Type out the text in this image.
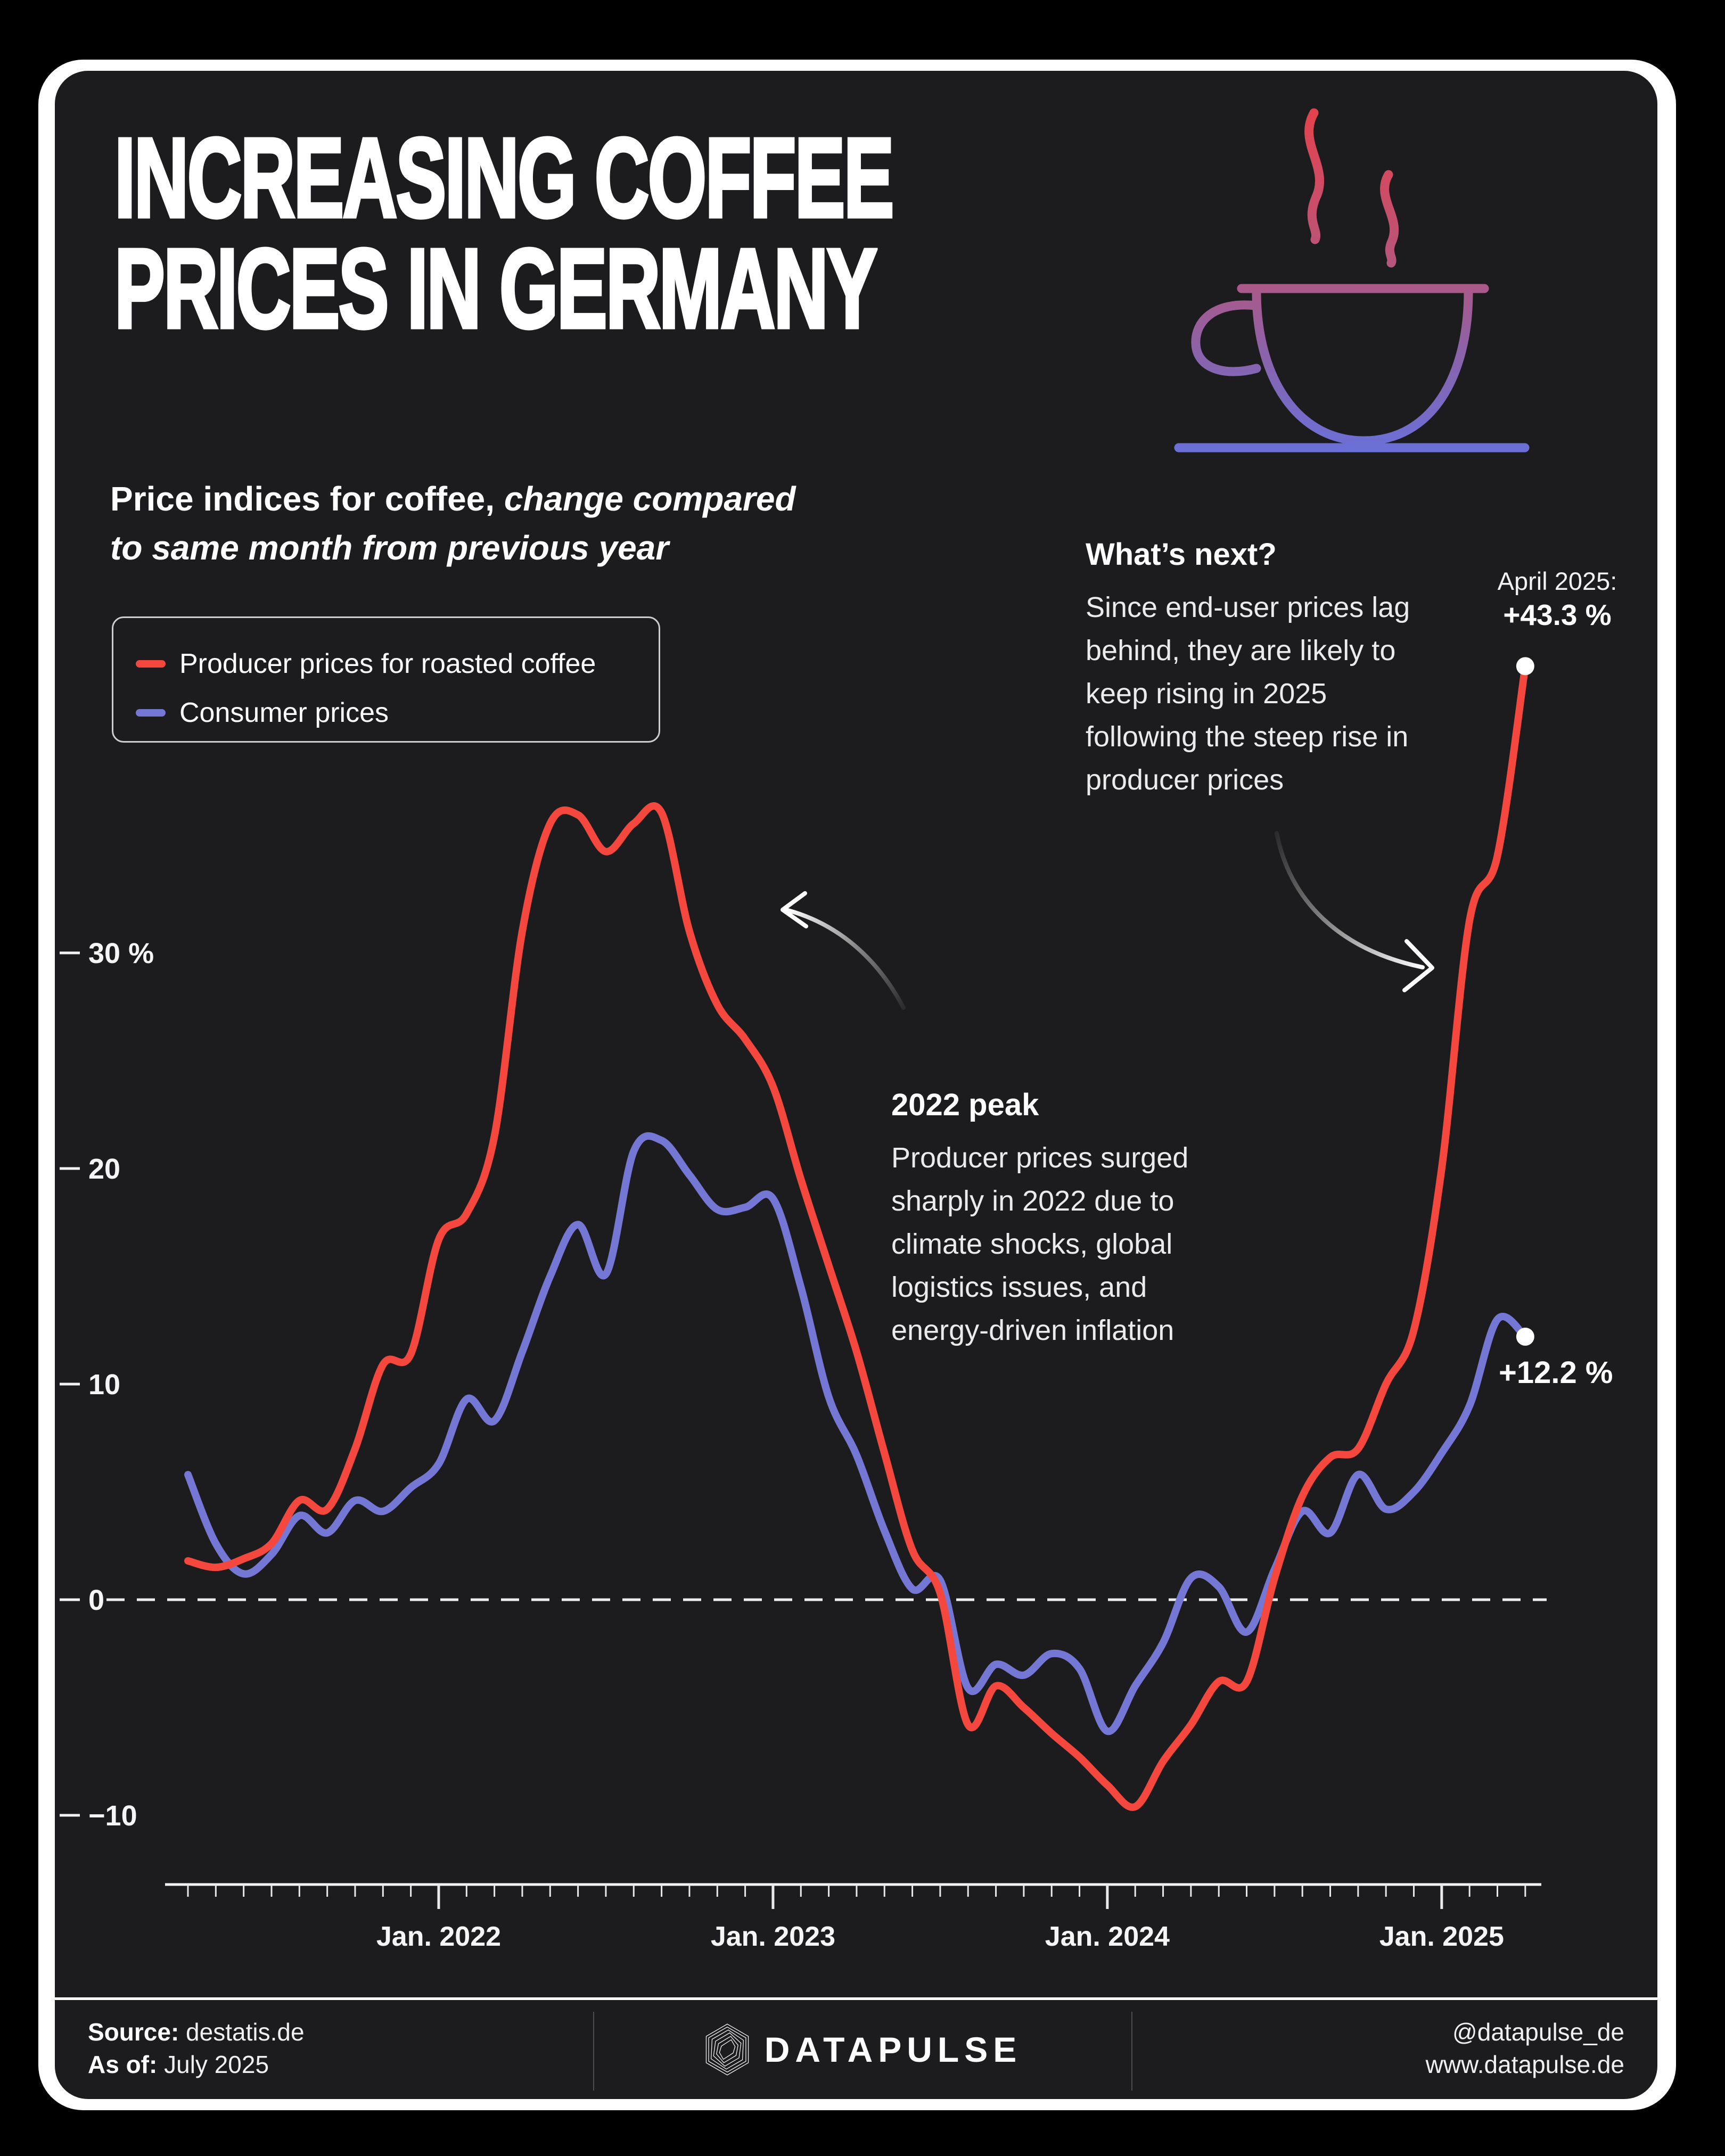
INCREASING COFFEE
PRICES IN GERMANY
Price indices for coffee, change compared
to same month from previous year
Producer prices for roasted coffee
Consumer prices
What’s next?
Since end-user prices lag behind, they are likely to keep rising in 2025 following the steep rise in producer prices
April 2025:
+43.3 %
2022 peak
Producer prices surged sharply in 2022 due to climate shocks, global logistics issues, and energy-driven inflation
+12.2 %
30 %
20
10
0
−10
Jan. 2022	Jan. 2023	Jan. 2024	Jan. 2025
Source: destatis.de
As of: July 2025	DATAPULSE	@datapulse_de
www.datapulse.de
